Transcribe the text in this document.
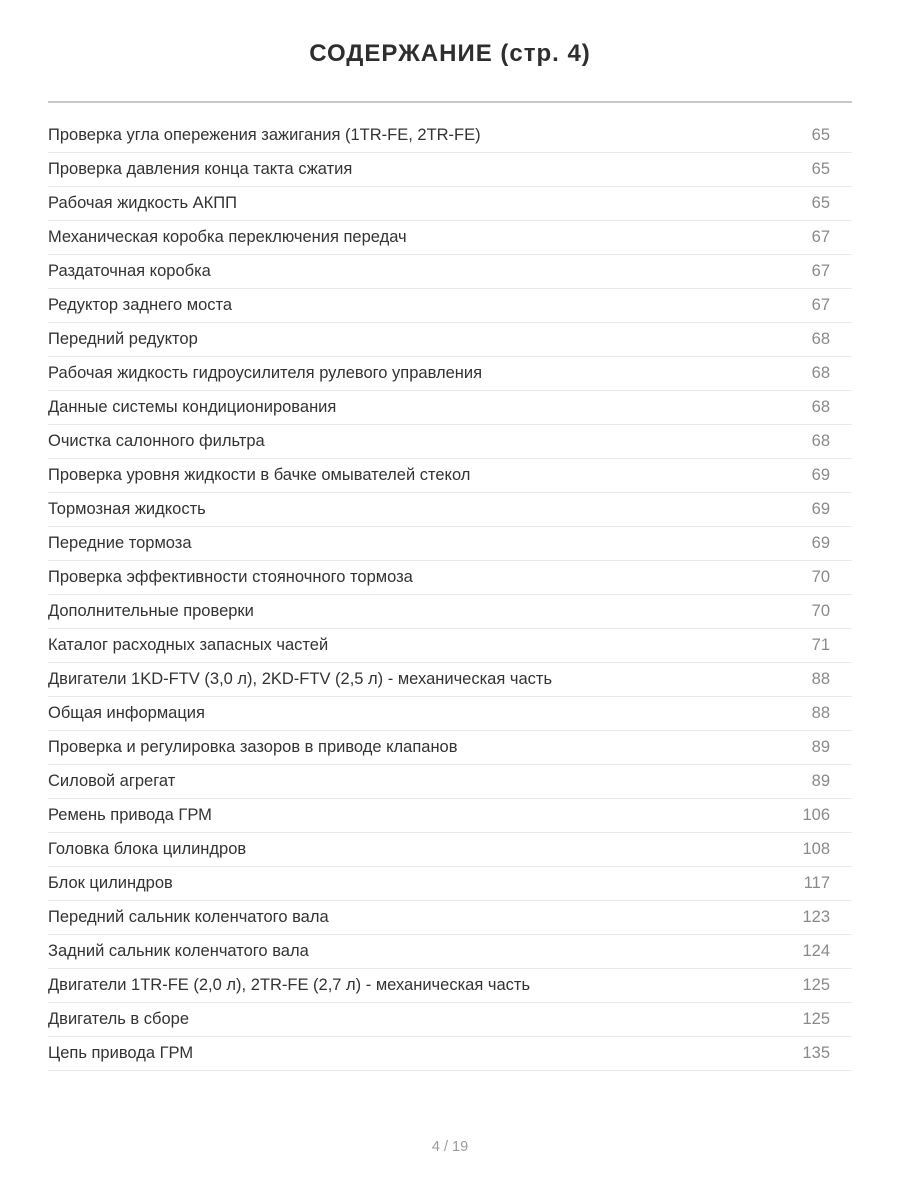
СОДЕРЖАНИЕ (стр. 4)
Проверка угла опережения зажигания (1TR-FE, 2TR-FE)	65
Проверка давления конца такта сжатия	65
Рабочая жидкость АКПП	65
Механическая коробка переключения передач	67
Раздаточная коробка	67
Редуктор заднего моста	67
Передний редуктор	68
Рабочая жидкость гидроусилителя рулевого управления	68
Данные системы кондиционирования	68
Очистка салонного фильтра	68
Проверка уровня жидкости в бачке омывателей стекол	69
Тормозная жидкость	69
Передние тормоза	69
Проверка эффективности стояночного тормоза	70
Дополнительные проверки	70
Каталог расходных запасных частей	71
Двигатели 1KD-FTV (3,0 л), 2KD-FTV (2,5 л) - механическая часть	88
Общая информация	88
Проверка и регулировка зазоров в приводе клапанов	89
Силовой агрегат	89
Ремень привода ГРМ	106
Головка блока цилиндров	108
Блок цилиндров	117
Передний сальник коленчатого вала	123
Задний сальник коленчатого вала	124
Двигатели 1TR-FE (2,0 л), 2TR-FE (2,7 л) - механическая часть	125
Двигатель в сборе	125
Цепь привода ГРМ	135
4 / 19
